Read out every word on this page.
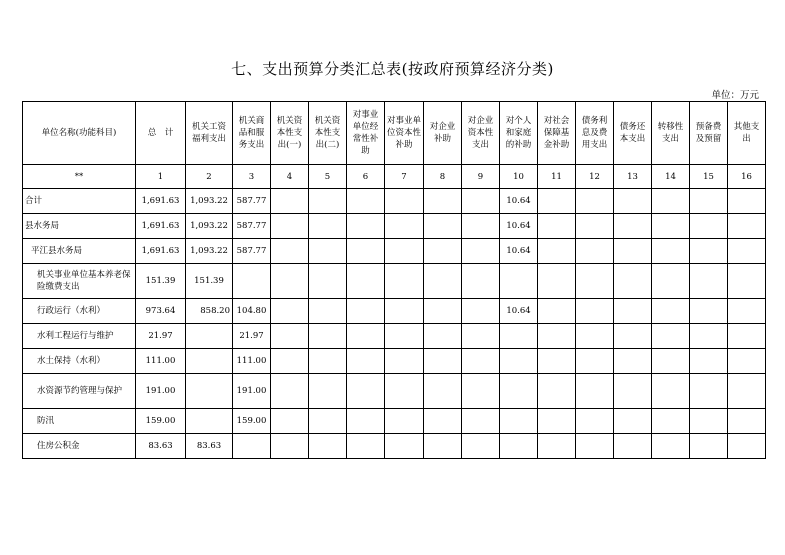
七、支出预算分类汇总表(按政府预算经济分类)
单位：万元
单位名称(功能科目)	总　计	机关工资福利支出	机关商品和服务支出	机关资本性支出(一)	机关资本性支出(二)	对事业单位经常性补助	对事业单位资本性补助	对企业补助	对企业资本性支出	对个人和家庭的补助	对社会保障基金补助	债务利息及费用支出	债务还本支出	转移性支出	预备费及预留	其他支出
**	1	2	3	4	5	6	7	8	9	10	11	12	13	14	15	16
合计	1,691.63	1,093.22	587.77							10.64						
县水务局	1,691.63	1,093.22	587.77							10.64						
平江县水务局	1,691.63	1,093.22	587.77							10.64						
机关事业单位基本养老保险缴费支出	151.39	151.39														
行政运行（水利）	973.64	858.20	104.80							10.64						
水利工程运行与维护	21.97		21.97													
水土保持（水利）	111.00		111.00													
水资源节约管理与保护	191.00		191.00													
防汛	159.00		159.00													
住房公积金	83.63	83.63														
